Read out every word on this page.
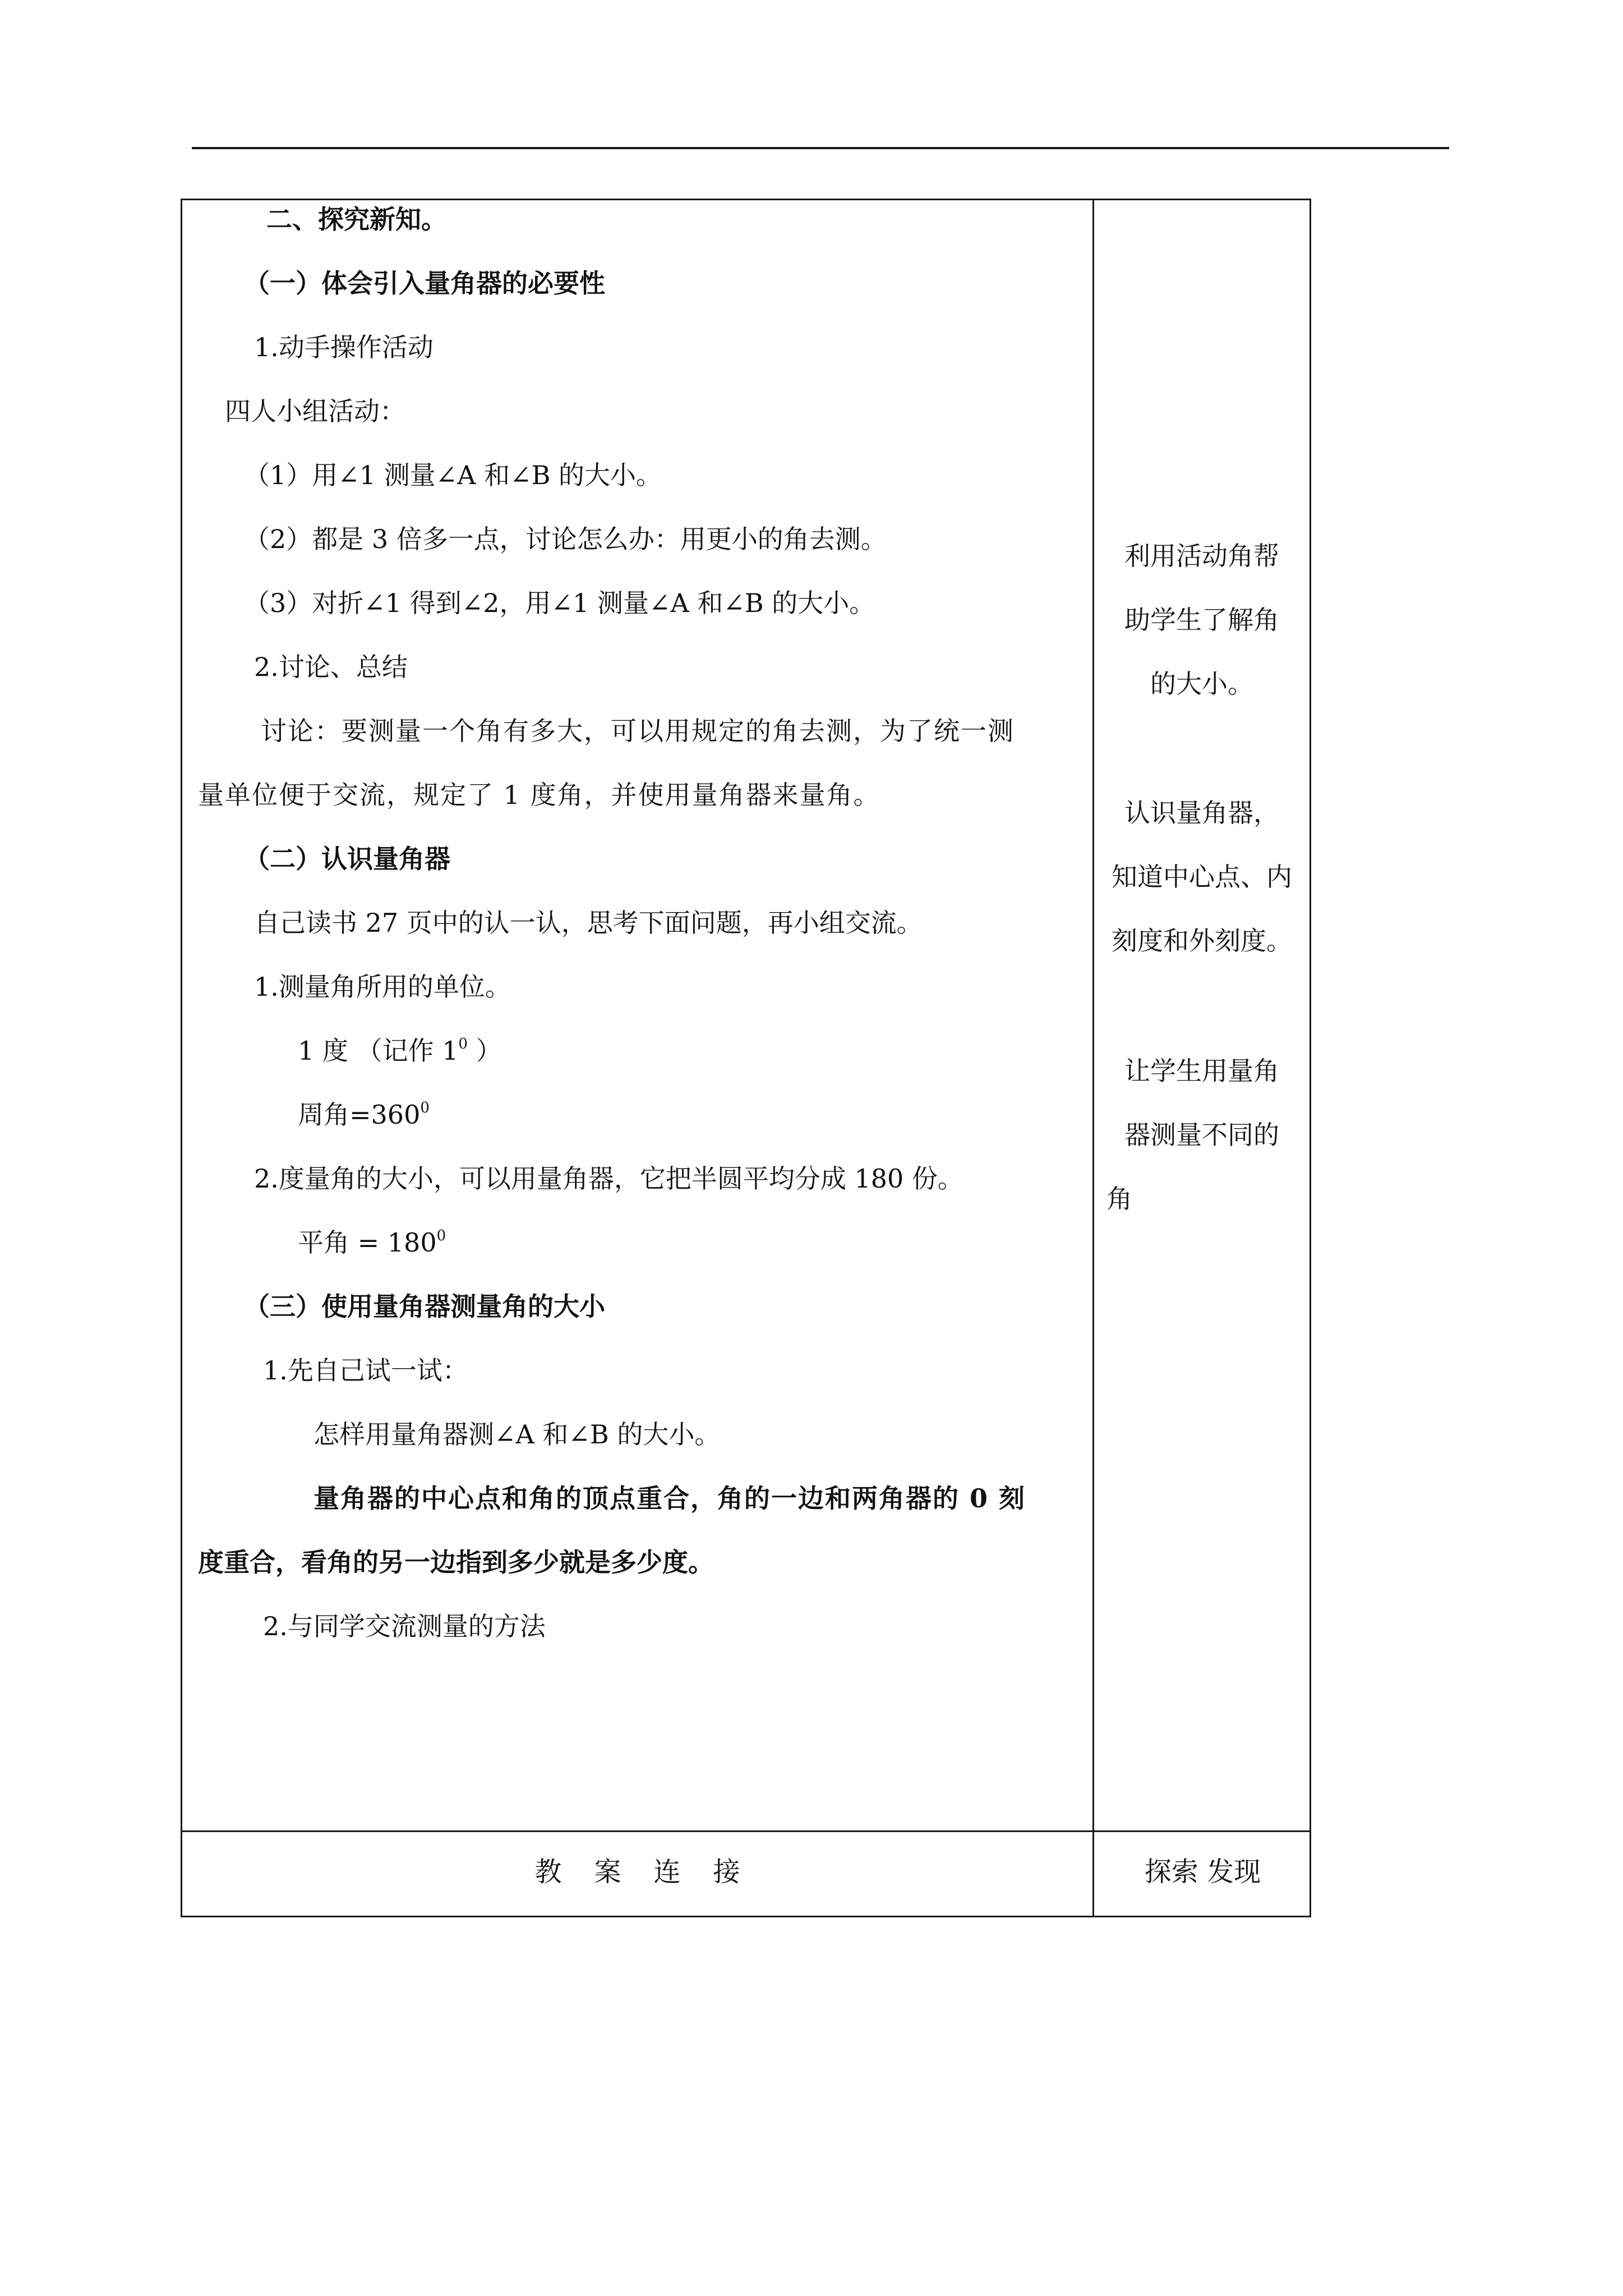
二、探究新知。
（一）体会引入量角器的必要性
1.动手操作活动
四人小组活动：
（1）用∠1 测量∠A 和∠B 的大小。
（2）都是 3 倍多一点，讨论怎么办：用更小的角去测。
（3）对折∠1 得到∠2，用∠1 测量∠A 和∠B 的大小。
2.讨论、总结
讨论：要测量一个角有多大，可以用规定的角去测，为了统一测
量单位便于交流，规定了 1 度角，并使用量角器来量角。
（二）认识量角器
自己读书 27 页中的认一认，思考下面问题，再小组交流。
1.测量角所用的单位。
1 度 （记作 $1^0$ ）
周角$=360^0$
2.度量角的大小，可以用量角器，它把半圆平均分成 180 份。
平角 = $180^0$
（三）使用量角器测量角的大小
1.先自己试一试：
怎样用量角器测∠A 和∠B 的大小。
量角器的中心点和角的顶点重合，角的一边和两角器的 0 刻
度重合，看角的另一边指到多少就是多少度。
2.与同学交流测量的方法
利用活动角帮
助学生了解角
的大小。
认识量角器，
知道中心点、内
刻度和外刻度。
让学生用量角
器测量不同的
角
教案连接	探索 发现
